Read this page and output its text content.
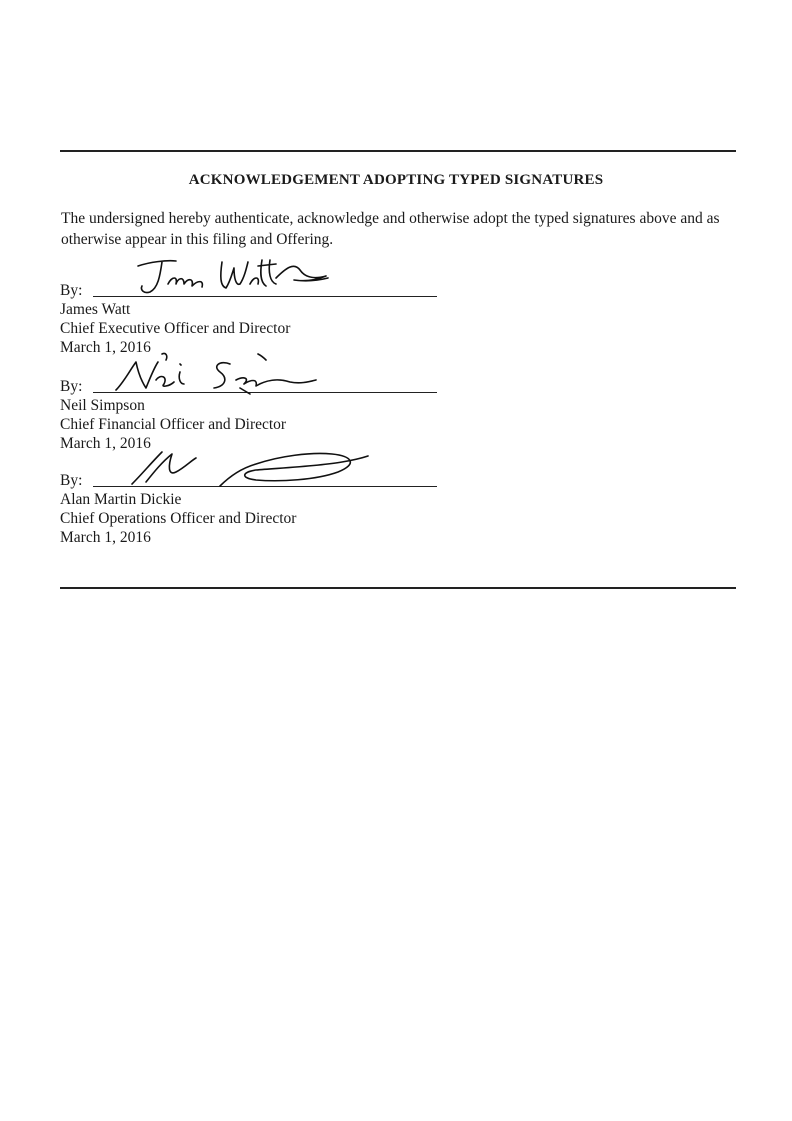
ACKNOWLEDGEMENT ADOPTING TYPED SIGNATURES

The undersigned hereby authenticate, acknowledge and otherwise adopt the typed signatures above and as otherwise appear in this filing and Offering.

By:
James Watt
Chief Executive Officer and Director
March 1, 2016
By:
Neil Simpson
Chief Financial Officer and Director
March 1, 2016
By:
Alan Martin Dickie
Chief Operations Officer and Director
March 1, 2016
